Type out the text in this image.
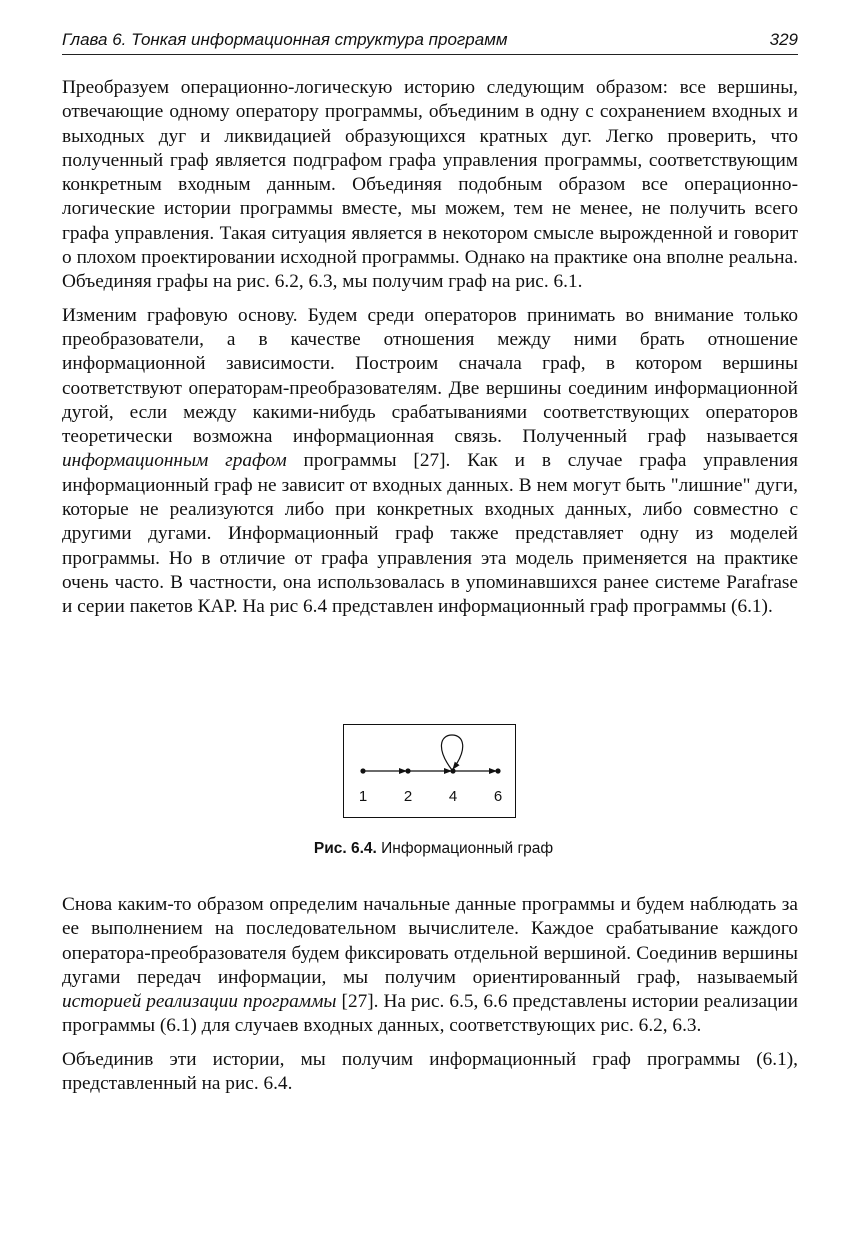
Глава 6. Тонкая информационная структура программ	329

Преобразуем операционно-логическую историю следующим образом: все вершины, отвечающие одному оператору программы, объединим в одну с сохранением входных и выходных дуг и ликвидацией образующихся кратных дуг. Легко проверить, что полученный граф является подграфом графа управления программы, соответствующим конкретным входным данным. Объединяя подобным образом все операционно-логические истории программы вместе, мы можем, тем не менее, не получить всего графа управления. Такая ситуация является в некотором смысле вырожденной и говорит о плохом проектировании исходной программы. Однако на практике она вполне реальна. Объединяя графы на рис. 6.2, 6.3, мы получим граф на рис. 6.1.

Изменим графовую основу. Будем среди операторов принимать во внимание только преобразователи, а в качестве отношения между ними брать отношение информационной зависимости. Построим сначала граф, в котором вершины соответствуют операторам-преобразователям. Две вершины соединим информационной дугой, если между какими-нибудь срабатываниями соответствующих операторов теоретически возможна информационная связь. Полученный граф называется информационным графом программы [27]. Как и в случае графа управления информационный граф не зависит от входных данных. В нем могут быть "лишние" дуги, которые не реализуются либо при конкретных входных данных, либо совместно с другими дугами. Информационный граф также представляет одну из моделей программы. Но в отличие от графа управления эта модель применяется на практике очень часто. В частности, она использовалась в упоминавшихся ранее системе Parafrase и серии пакетов КАР. На рис 6.4 представлен информационный граф программы (6.1).

1 2 4 6
Рис. 6.4. Информационный граф

Снова каким-то образом определим начальные данные программы и будем наблюдать за ее выполнением на последовательном вычислителе. Каждое срабатывание каждого оператора-преобразователя будем фиксировать отдельной вершиной. Соединив вершины дугами передач информации, мы получим ориентированный граф, называемый историей реализации программы [27]. На рис. 6.5, 6.6 представлены истории реализации программы (6.1) для случаев входных данных, соответствующих рис. 6.2, 6.3.

Объединив эти истории, мы получим информационный граф программы (6.1), представленный на рис. 6.4.
